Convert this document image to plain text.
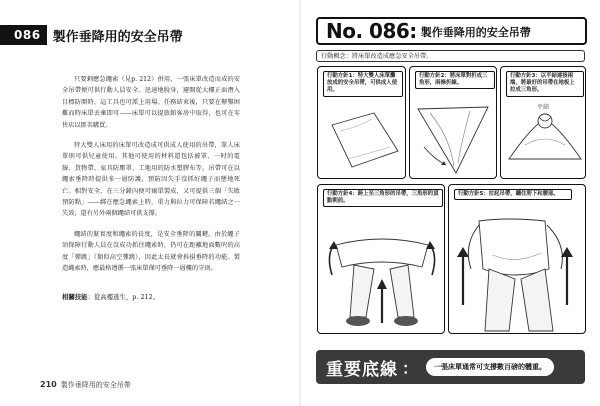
086 製作垂降用的安全吊帶

只要剩應急繩索（見p. 212）併用，一張床單改造而成的安全吊帶便可供行動人員安全、迅速地脫身，避開從大樓正面潛入目標防開時，這工具也可派上用場。任務結束後，只要在辦鑿困難而時床單丟棄即可——床單可以提旅館客房中取得，也可在零售店以匿名購買。

特大雙人床用的床單可改造成可供成人使用的吊帶，單人床單則可供兒童使用。其他可使用的材料還包括被罩、一时的電線、貨物帶、家具防塵罩、工地用的防水塑膠布等。吊帶可在以繩索垂降時提供多一層防護，預防因失手沒抓好繩子而墜地死亡。相對安全，在三分鐘內便可爾單製成，又可提供三個「失敗預防點」——綁在應急繩索上時，重力與拉力可保障若繩結之一失效，還有另外兩個繩結可供支撐。

繩結的緊實度和繩索的長度，是安全垂降的關鍵。由於繩子須保障行動人員在沒成功抓住繩索時，仍可在距離地面數呎的高度「彈跳」（類似高空彈跳），因此太長就會拆損垂降的功能。製造縄索時，應最格遵循一張床單僅可垂降一層樓的守則。

相關技能：從高樓逃生，p. 212。
210 製作垂降用的安全吊帶
No. 086: 製作垂降用的安全吊帶
行動概念：將床單改造成應急安全吊帶。
行動方針1：特大雙人床單攤放成的安全吊帶，可供成人使用。
行動方針2：將床單對折成三角形，兩條折線。
行動方針3：以平結連接兩端，將最好的吊帶在地板上拉成三角形。
平結
行動方針4：跨上至三角形的吊帶，三角形的頂點朝前。
行動方針5：拉起吊帶，纏住胯下和腰部。
重要底線 ：	一張床單通常可支撐數百磅的體重。
